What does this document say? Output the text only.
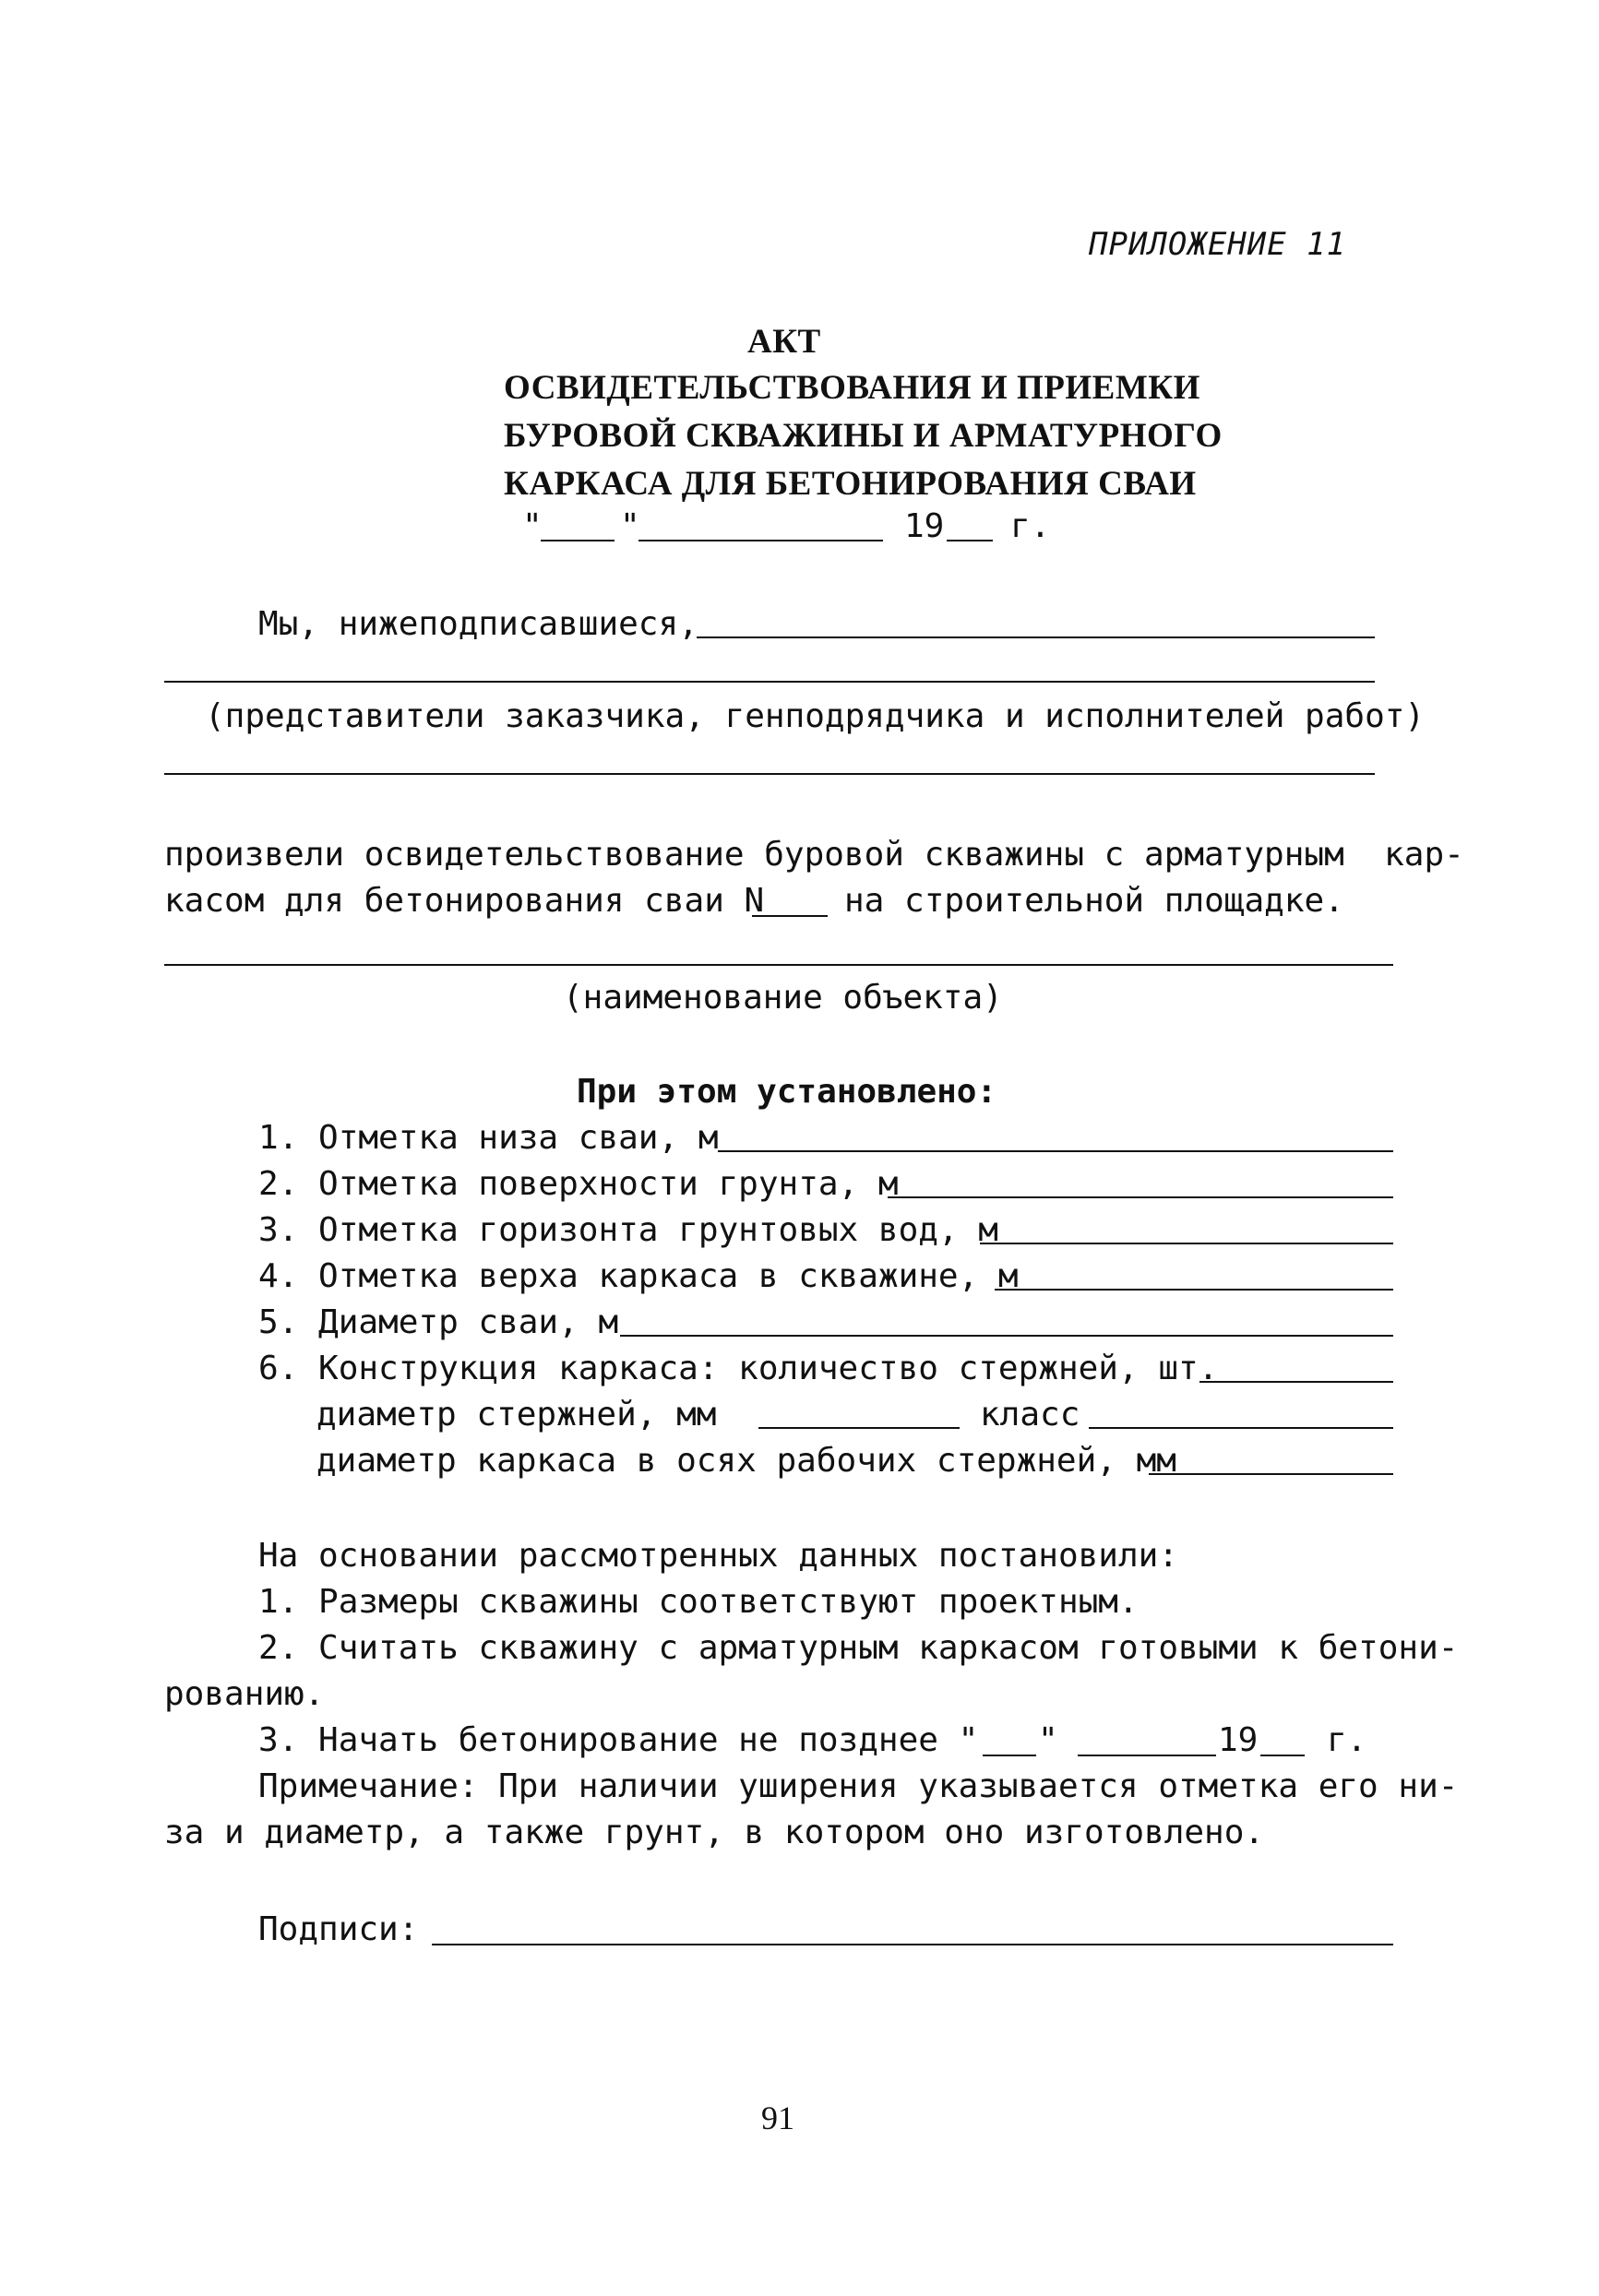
ПРИЛОЖЕНИЕ 11
АКТ
ОСВИДЕТЕЛЬСТВОВАНИЯ И ПРИЕМКИ
БУРОВОЙ СКВАЖИНЫ И АРМАТУРНОГО
КАРКАСА ДЛЯ БЕТОНИРОВАНИЯ СВАИ
" "	19 г.
Мы, нижеподписавшиеся,
(представители заказчика, генподрядчика и исполнителей работ)
произвели освидетельствование буровой скважины с арматурным  кар-
касом для бетонирования сваи N на строительной площадке.
(наименование объекта)
При этом установлено:
1. Отметка низа сваи, м
2. Отметка поверхности грунта, м
3. Отметка горизонта грунтовых вод, м
4. Отметка верха каркаса в скважине, м
5. Диаметр сваи, м
6. Конструкция каркаса: количество стержней, шт.
диаметр стержней, мм	класс
диаметр каркаса в осях рабочих стержней, мм
На основании рассмотренных данных постановили:
1. Размеры скважины соответствуют проектным.
2. Считать скважину с арматурным каркасом готовыми к бетони-
рованию.
3. Начать бетонирование не позднее " "	19 г.
Примечание: При наличии уширения указывается отметка его ни-
за и диаметр, а также грунт, в котором оно изготовлено.
Подписи:
91
